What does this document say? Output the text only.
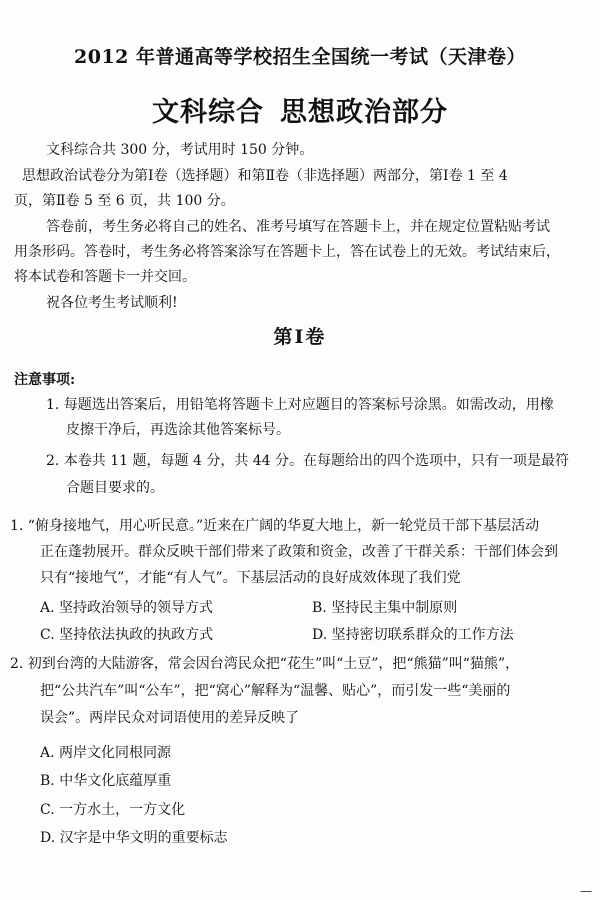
2012 年普通高等学校招生全国统一考试（天津卷）
文科综合 思想政治部分
文科综合共 300 分，考试用时 150 分钟。
思想政治试卷分为第Ⅰ卷（选择题）和第Ⅱ卷（非选择题）两部分，第Ⅰ卷 1 至 4
页，第Ⅱ卷 5 至 6 页，共 100 分。
答卷前，考生务必将自己的姓名、准考号填写在答题卡上，并在规定位置粘贴考试
用条形码。答卷时，考生务必将答案涂写在答题卡上，答在试卷上的无效。考试结束后，
将本试卷和答题卡一并交回。
祝各位考生考试顺利!
第Ⅰ卷
注意事项:
1. 每题选出答案后，用铅笔将答题卡上对应题目的答案标号涂黑。如需改动，用橡
皮擦干净后，再选涂其他答案标号。
2. 本卷共 11 题，每题 4 分，共 44 分。在每题给出的四个选项中，只有一项是最符
合题目要求的。
1. “俯身接地气，用心听民意。”近来在广阔的华夏大地上，新一轮党员干部下基层活动
正在蓬勃展开。群众反映干部们带来了政策和资金，改善了干群关系：干部们体会到
只有“接地气”，才能“有人气”。下基层活动的良好成效体现了我们党
A. 坚持政治领导的领导方式	B. 坚持民主集中制原则
C. 坚持依法执政的执政方式	D. 坚持密切联系群众的工作方法
2. 初到台湾的大陆游客，常会因台湾民众把“花生”叫“土豆”，把“熊猫”叫“猫熊”，
把“公共汽车”叫“公车”，把“窝心”解释为“温馨、贴心”，而引发一些“美丽的
误会”。两岸民众对词语使用的差异反映了
A. 两岸文化同根同源
B. 中华文化底蕴厚重
C. 一方水土，一方文化
D. 汉字是中华文明的重要标志
—
